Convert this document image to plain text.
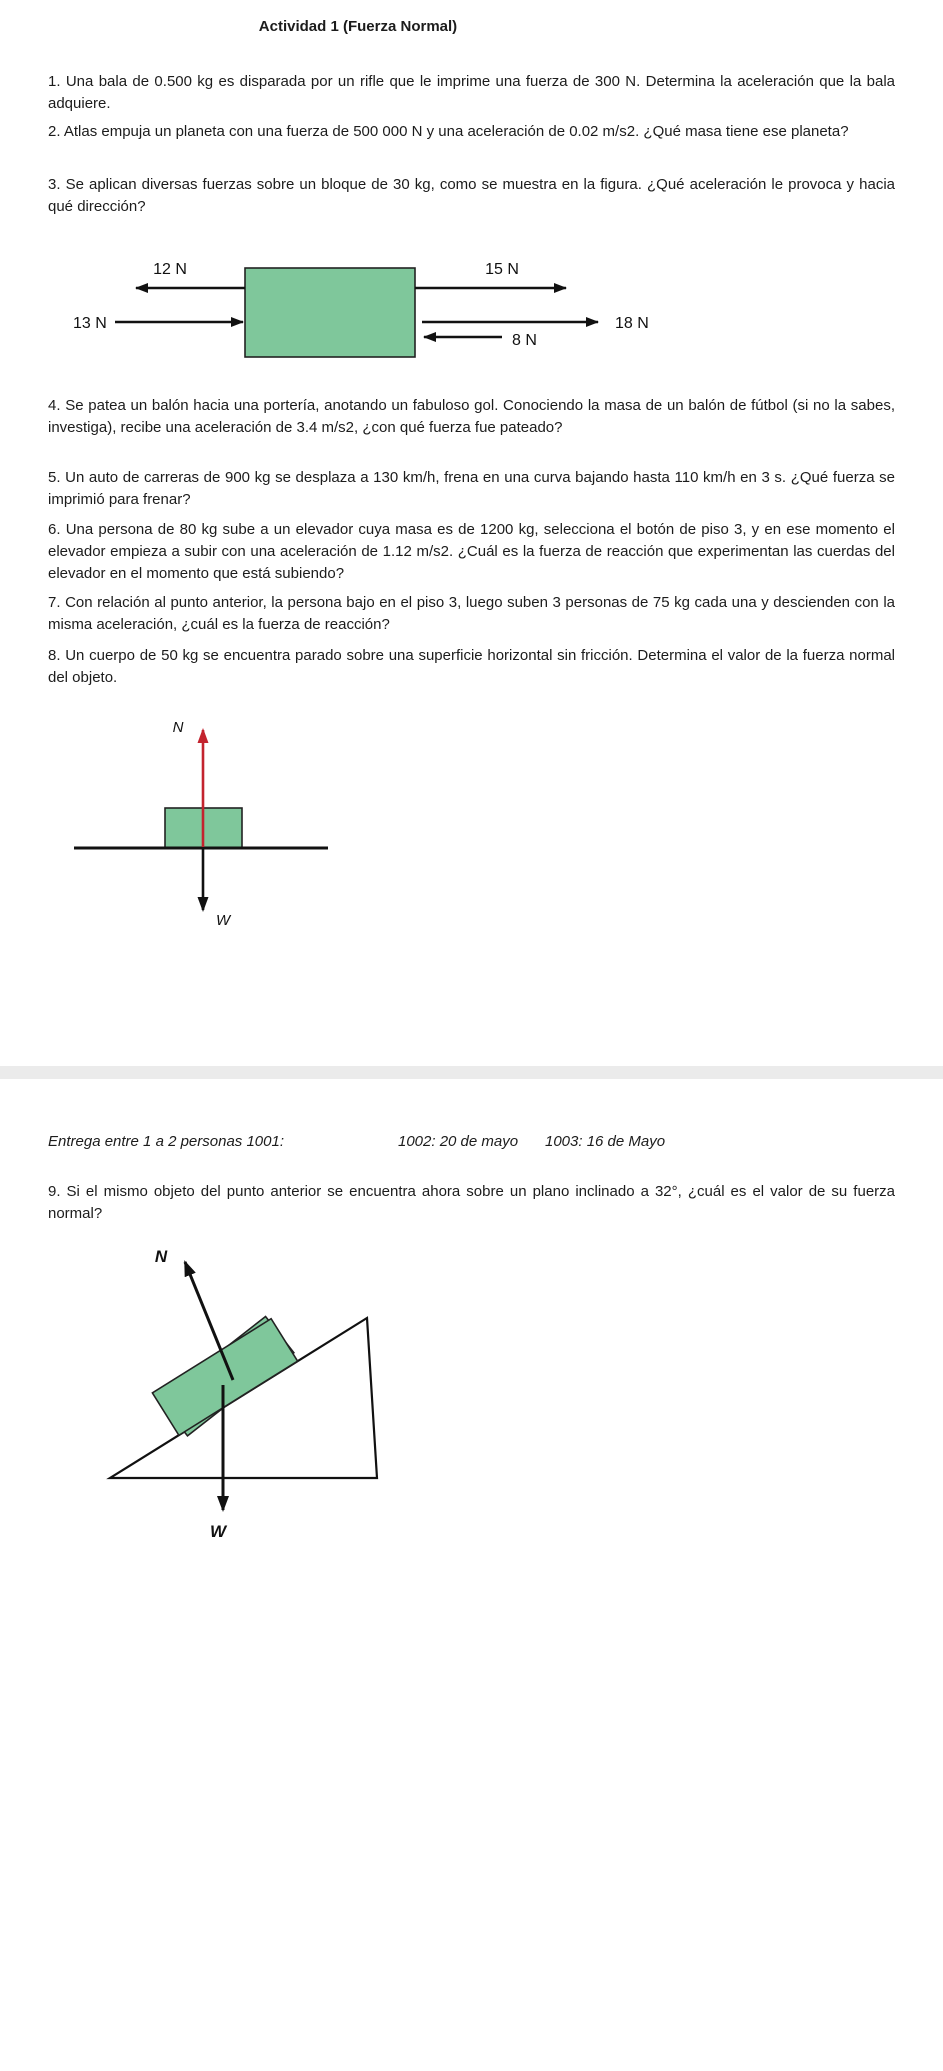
Actividad 1 (Fuerza Normal)

1. Una bala de 0.500 kg es disparada por un rifle que le imprime una fuerza de 300 N. Determina la aceleración que la bala adquiere.

2. Atlas empuja un planeta con una fuerza de 500 000 N y una aceleración de 0.02 m/s2. ¿Qué masa tiene ese planeta?

3. Se aplican diversas fuerzas sobre un bloque de 30 kg, como se muestra en la figura. ¿Qué aceleración le provoca y hacia qué dirección?

12 N	15 N
13 N	18 N
8 N

4. Se patea un balón hacia una portería, anotando un fabuloso gol. Conociendo la masa de un balón de fútbol (si no la sabes, investiga), recibe una aceleración de 3.4 m/s2, ¿con qué fuerza fue pateado?

5. Un auto de carreras de 900 kg se desplaza a 130 km/h, frena en una curva bajando hasta 110 km/h en 3 s. ¿Qué fuerza se imprimió para frenar?

6. Una persona de 80 kg sube a un elevador cuya masa es de 1200 kg, selecciona el botón de piso 3, y en ese momento el elevador empieza a subir con una aceleración de 1.12 m/s2. ¿Cuál es la fuerza de reacción que experimentan las cuerdas del elevador en el momento que está subiendo?

7. Con relación al punto anterior, la persona bajo en el piso 3, luego suben 3 personas de 75 kg cada una y descienden con la misma aceleración, ¿cuál es la fuerza de reacción?

8. Un cuerpo de 50 kg se encuentra parado sobre una superficie horizontal sin fricción. Determina el valor de la fuerza normal del objeto.

N
W
Entrega entre 1 a 2 personas 1001:	1002: 20 de mayo 1003: 16 de Mayo

9. Si el mismo objeto del punto anterior se encuentra ahora sobre un plano inclinado a 32°, ¿cuál es el valor de su fuerza normal?

N
W
